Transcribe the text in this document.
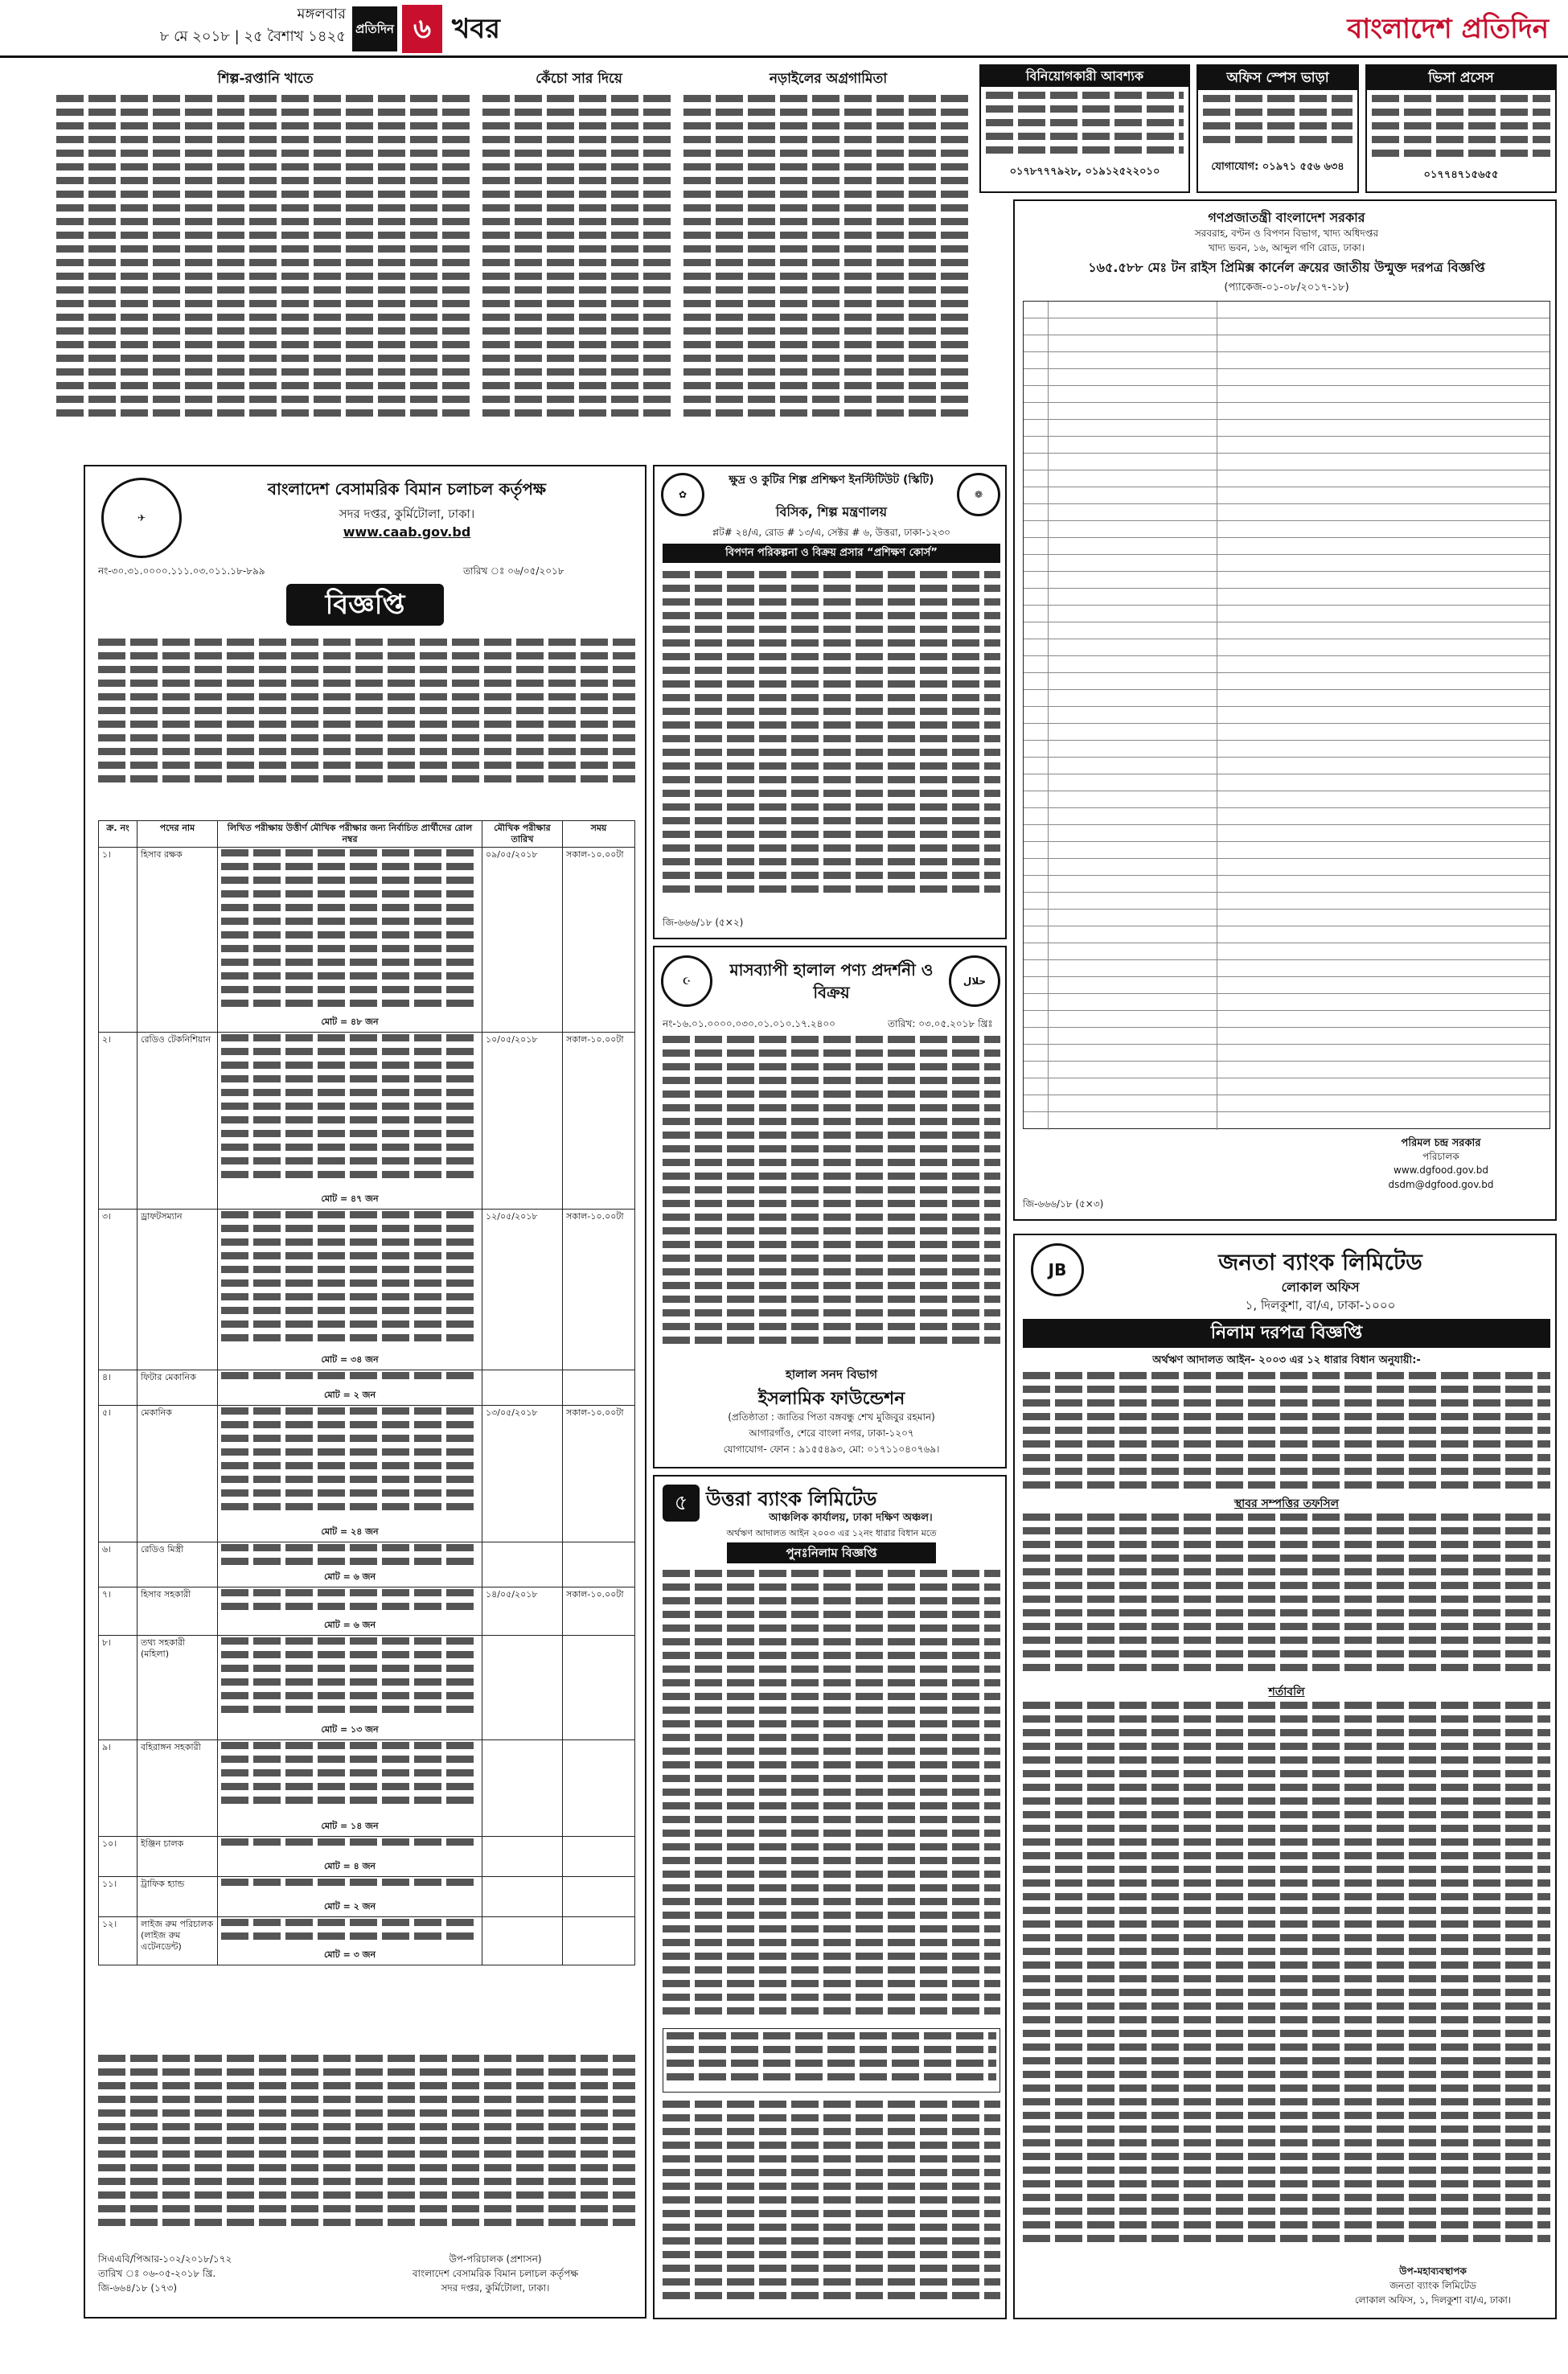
মঙ্গলবার
৮ মে ২০১৮ | ২৫ বৈশাখ ১৪২৫ প্রতিদিন ৬ খবর	বাংলাদেশ প্রতিদিন
শিল্প-রপ্তানি খাতে	কেঁচো সার দিয়ে	নড়াইলের অগ্রগামিতা	বিনিয়োগকারী আবশ্যক
০১৭৮৭৭৭৯২৮, ০১৯১২৫২২০১০
অফিস স্পেস ভাড়া
যোগাযোগ: ০১৯৭১ ৫৫৬ ৬৩৪
ভিসা প্রসেস
০১৭৭৪৭১৫৬৫৫
✈
বাংলাদেশ বেসামরিক বিমান চলাচল কর্তৃপক্ষ
সদর দপ্তর, কুর্মিটোলা, ঢাকা।
www.caab.gov.bd
নং-৩০.৩১.০০০০.১১১.০৩.০১১.১৮-৮৯৯	তারিখ ঃ ০৬/০৫/২০১৮
বিজ্ঞপ্তি
ক্র. নং	পদের নাম	লিখিত পরীক্ষায় উত্তীর্ণ মৌখিক পরীক্ষার জন্য নির্বাচিত প্রার্থীদের রোল নম্বর	মৌখিক পরীক্ষার তারিখ	সময়
১।	হিসাব রক্ষক	মোট = ৪৮ জন	০৯/০৫/২০১৮	সকাল-১০.০০টা
২।	রেডিও টেকনিশিয়ান	মোট = ৪৭ জন	১০/০৫/২০১৮	সকাল-১০.০০টা
৩।	ড্রাফটসম্যান	মোট = ৩৪ জন	১২/০৫/২০১৮	সকাল-১০.০০টা
৪।	ফিটার মেকানিক	মোট = ২ জন		

৫।	মেকানিক	মোট = ২৪ জন	১৩/০৫/২০১৮	সকাল-১০.০০টা
৬।	রেডিও মিস্ত্রী	মোট = ৬ জন		

৭।	হিসাব সহকারী	মোট = ৬ জন	১৪/০৫/২০১৮	সকাল-১০.০০টা
৮।	তথ্য সহকারী (মহিলা)	মোট = ১৩ জন		

৯।	বহিরাঙ্গন সহকারী	মোট = ১৪ জন		

১০।	ইঞ্জিন চালক	মোট = ৪ জন		

১১।	ট্রাফিক হ্যান্ড	মোট = ২ জন		

১২।	লাইজ রুম পরিচালক (লাইজ রুম এটেনডেন্ট)	মোট = ৩ জন		

সিএএবি/পিআর-১০২/২০১৮/১৭২
তারিখ ঃ ০৬-০৫-২০১৮ খ্রি.
জি-৬৬৪/১৮ (১৭৩)
উপ-পরিচালক (প্রশাসন)
বাংলাদেশ বেসামরিক বিমান চলাচল কর্তৃপক্ষ
সদর দপ্তর, কুর্মিটোলা, ঢাকা।
✿	❁
ক্ষুদ্র ও কুটির শিল্প প্রশিক্ষণ ইনস্টিটিউট (স্কিটি)
বিসিক, শিল্প মন্ত্রণালয়
প্লট# ২৪/এ, রোড # ১৩/এ, সেক্টর # ৬, উত্তরা, ঢাকা-১২৩০
বিপণন পরিকল্পনা ও বিক্রয় প্রসার “প্রশিক্ষণ কোর্স”
জি-৬৬৬/১৮ (৫×২)
☪	حلال
মাসব্যাপী হালাল পণ্য প্রদর্শনী ও বিক্রয়
নং-১৬.০১.০০০০.০৩০.০১.০১০.১৭.২৪০০	তারিখ: ০৩.০৫.২০১৮ খ্রিঃ
হালাল সনদ বিভাগ
ইসলামিক ফাউন্ডেশন
(প্রতিষ্ঠাতা : জাতির পিতা বঙ্গবন্ধু শেখ মুজিবুর রহমান)
আগারগাঁও, শেরে বাংলা নগর, ঢাকা-১২০৭
যোগাযোগ- ফোন : ৯১৫৫৪৯৩, মো: ০১৭১১০৪০৭৬৯।
৫ উত্তরা ব্যাংক লিমিটেড
আঞ্চলিক কার্যালয়, ঢাকা দক্ষিণ অঞ্চল।
অর্থঋণ আদালত আইন ২০০৩ এর ১২নং ধারার বিধান মতে
পুনঃনিলাম বিজ্ঞপ্তি
গণপ্রজাতন্ত্রী বাংলাদেশ সরকার
সরবরাহ, বণ্টন ও বিপণন বিভাগ, খাদ্য অধিদপ্তর
খাদ্য ভবন, ১৬, আব্দুল গণি রোড, ঢাকা।
১৬৫.৫৮৮ মেঃ টন রাইস প্রিমিক্স কার্নেল ক্রয়ের জাতীয় উন্মুক্ত দরপত্র বিজ্ঞপ্তি
(প্যাকেজ-০১-০৮/২০১৭-১৮)
পরিমল চন্দ্র সরকার
পরিচালক
www.dgfood.gov.bd
dsdm@dgfood.gov.bd
জি-৬৬৬/১৮ (৫×৩)
JB	জনতা ব্যাংক লিমিটেড
লোকাল অফিস
১, দিলকুশা, বা/এ, ঢাকা-১০০০
নিলাম দরপত্র বিজ্ঞপ্তি
অর্থঋণ আদালত আইন- ২০০৩ এর ১২ ধারার বিধান অনুযায়ী:-
স্থাবর সম্পত্তির তফসিল
শর্তাবলি
উপ-মহাব্যবস্থাপক
জনতা ব্যাংক লিমিটেড
লোকাল অফিস, ১, দিলকুশা বা/এ, ঢাকা।
